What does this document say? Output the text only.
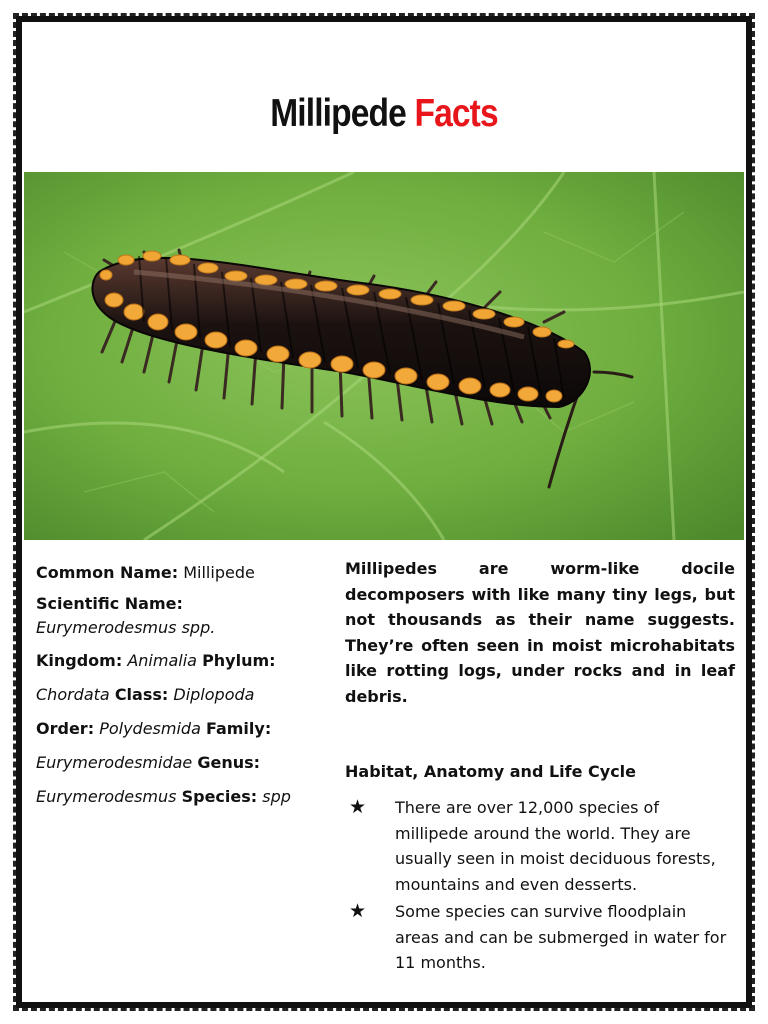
Millipede Facts
Common Name: Millipede
Scientific Name:
Eurymerodesmus spp.
Kingdom: Animalia Phylum:
Chordata Class: Diplopoda
Order: Polydesmida Family:
Eurymerodesmidae Genus:
Eurymerodesmus Species: spp

Millipedes are worm-like docile decomposers with like many tiny legs, but not thousands as their name suggests. They’re often seen in moist microhabitats like rotting logs, under rocks and in leaf debris.

Habitat, Anatomy and Life Cycle
★ There are over 12,000 species of millipede around the world. They are usually seen in moist deciduous forests, mountains and even desserts.
★ Some species can survive floodplain areas and can be submerged in water for 11 months.
